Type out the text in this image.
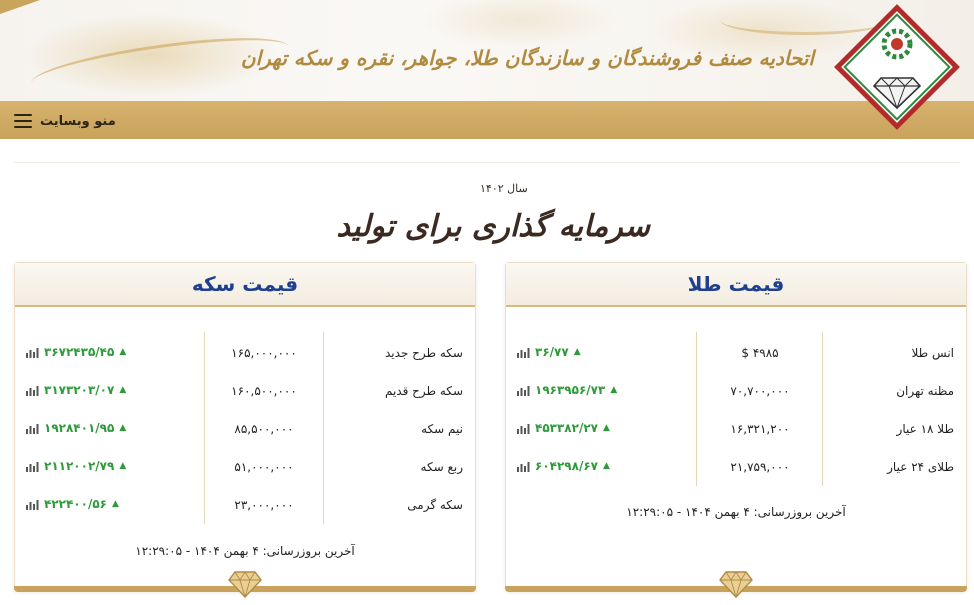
اتحادیه صنف فروشندگان و سازندگان طلا، جواهر، نقره و سکه تهران
منو وبسایت
سال ۱۴۰۲
سرمایه گذاری برای تولید
قیمت سکه
سکه طرح جدید
۱۶۵,۰۰۰,۰۰۰
۳۶۷۲۴۳۵/۴۵ ▲
سکه طرح قدیم
۱۶۰,۵۰۰,۰۰۰
۳۱۷۳۲۰۳/۰۷ ▲
نیم سکه
۸۵,۵۰۰,۰۰۰
۱۹۲۸۴۰۱/۹۵ ▲
ربع سکه
۵۱,۰۰۰,۰۰۰
۲۱۱۲۰۰۲/۷۹ ▲
سکه گرمی
۲۳,۰۰۰,۰۰۰
۴۲۲۴۰۰/۵۶ ▲
آخرین بروزرسانی: ۴ بهمن ۱۴۰۴ - ۱۲:۲۹:۰۵
قیمت طلا
انس طلا
۴۹۸۵ $
۳۶/۷۷ ▲
مظنه تهران
۷۰,۷۰۰,۰۰۰
۱۹۶۳۹۵۶/۷۳ ▲
طلا ۱۸ عیار
۱۶,۳۲۱,۲۰۰
۴۵۳۳۸۲/۲۷ ▲
طلای ۲۴ عیار
۲۱,۷۵۹,۰۰۰
۶۰۴۲۹۸/۶۷ ▲
آخرین بروزرسانی: ۴ بهمن ۱۴۰۴ - ۱۲:۲۹:۰۵
